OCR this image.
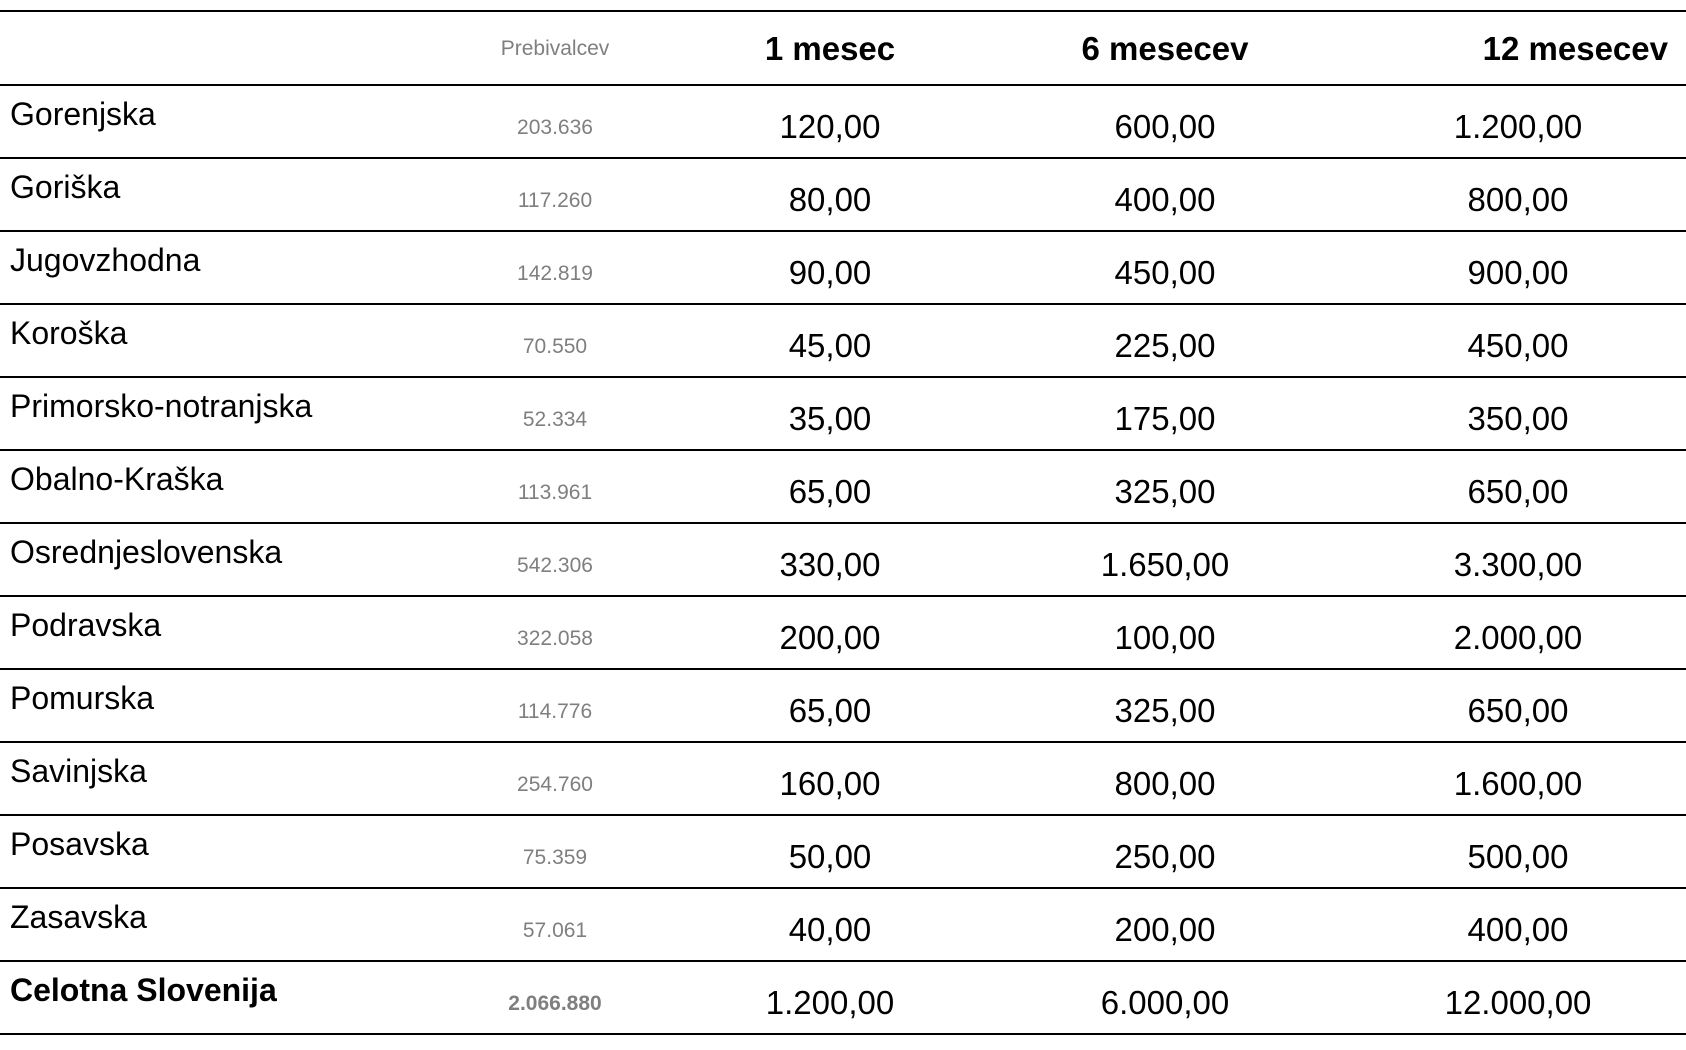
	Prebivalcev	1 mesec	6 mesecev	12 mesecev
Gorenjska	203.636	120,00	600,00	1.200,00
Goriška	117.260	80,00	400,00	800,00
Jugovzhodna	142.819	90,00	450,00	900,00
Koroška	70.550	45,00	225,00	450,00
Primorsko-notranjska	52.334	35,00	175,00	350,00
Obalno-Kraška	113.961	65,00	325,00	650,00
Osrednjeslovenska	542.306	330,00	1.650,00	3.300,00
Podravska	322.058	200,00	100,00	2.000,00
Pomurska	114.776	65,00	325,00	650,00
Savinjska	254.760	160,00	800,00	1.600,00
Posavska	75.359	50,00	250,00	500,00
Zasavska	57.061	40,00	200,00	400,00
Celotna Slovenija	2.066.880	1.200,00	6.000,00	12.000,00
